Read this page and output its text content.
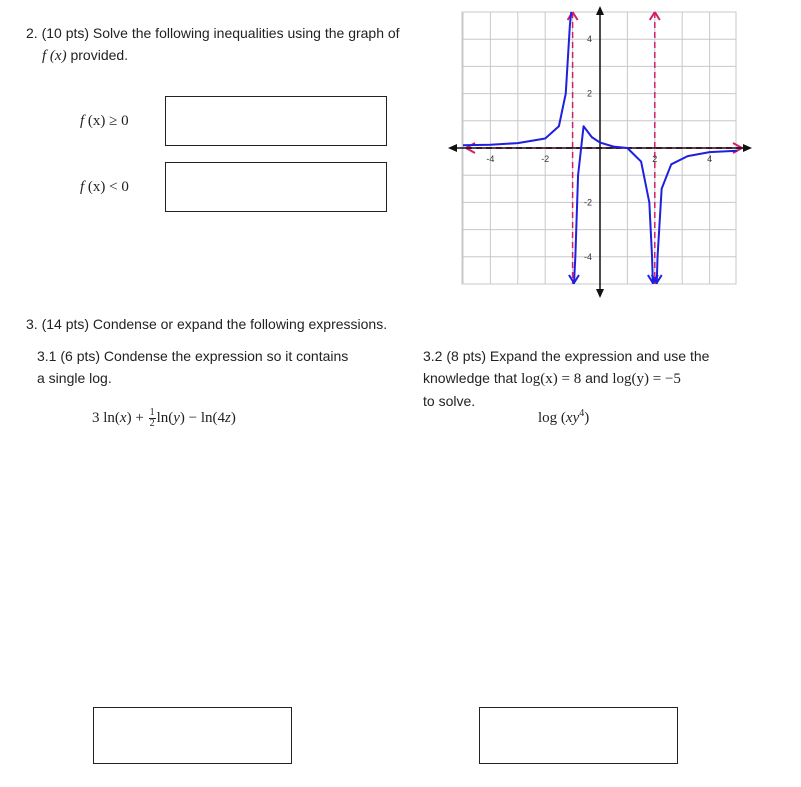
2. (10 pts) Solve the following inequalities using the graph of
f (x) provided.
f (x) ≥ 0
f (x) < 0
-4	-2	2	4
4
2
-2
-4
3. (14 pts) Condense or expand the following expressions.
3.1 (6 pts) Condense the expression so it contains
a single log.
3 $\ln(x) + \frac{1}{2} \ln(y) - \ln(4z)$
3.2 (8 pts) Expand the expression and use the
knowledge that log(x) = 8 and log(y) = −5
to solve.
$\log (xy^4)$
